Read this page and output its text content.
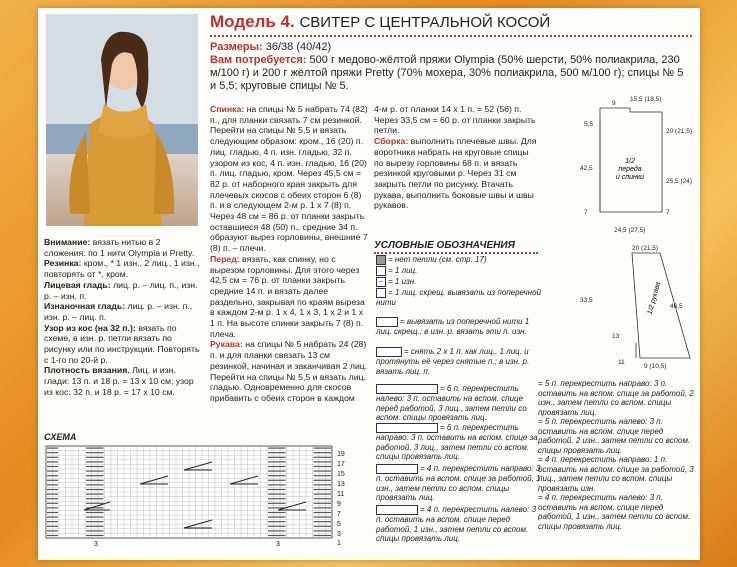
Модель 4. СВИТЕР С ЦЕНТРАЛЬНОЙ КОСОЙ
Размеры: 36/38 (40/42)
Вам потребуется: 500 г медово-жёлтой пряжи Olympia (50% шерсти, 50% полиакрила, 230 м/100 г) и 200 г жёлтой пряжи Pretty (70% мохера, 30% полиакрила, 500 м/100 г); спицы № 5 и 5,5; круговые спицы № 5.

Внимание: вязать нитью в 2 сложения: по 1 нити Olympia и Pretty.

Резинка: кром., * 1 изн., 2 лиц., 1 изн., повторять от *, кром.

Лицевая гладь: лиц. р. – лиц. п., изн. р. – изн. п.

Изнаночная гладь: лиц. р. – изн. п., изн. р. – лиц. п.

Узор из кос (на 32 п.): вязать по схеме, в изн. р. петли вязать по рисунку или по инструкции. Повторять с 1-го по 20-й р.

Плотность вязания. Лиц. и изн. глади: 13 п. и 18 р. = 13 х 10 см; узор из кос: 32 п. и 18 р. = 17 х 10 см.

Спинка: на спицы № 5 набрать 74 (82) п., для планки связать 7 см резинкой. Перейти на спицы № 5,5 и вязать следующим образом: кром., 16 (20) п. лиц. гладью, 4 п. изн. гладью, 32 п. узором из кос, 4 п. изн. гладью, 16 (20) п. лиц. гладью, кром. Через 45,5 см = 82 р. от наборного края закрыть для плечевых скосов с обеих сторон 6 (8) п. и в следующем 2-м р. 1 х 7 (8) п. Через 48 см = 86 р. от планки закрыть оставшиеся 48 (50) п., средние 34 п. образуют вырез горловины, внешние 7 (8) п. – плечи.

Перед: вязать, как спинку, но с вырезом горловины. Для этого через 42,5 см = 76 р. от планки закрыть средние 14 п. и вязать далее раздельно, закрывая по краям выреза в каждом 2-м р. 1 х 4, 1 х 3, 1 х 2 и 1 х 1 п. На высоте спинки закрыть 7 (8) п. плеча.

Рукава: на спицы № 5 набрать 24 (28) п. и для планки связать 13 см резинкой, начиная и заканчивая 2 лиц. Перейти на спицы № 5,5 и вязать лиц. гладью. Одновременно для скосов прибавить с обеих сторон в каждом

4-м р. от планки 14 х 1 п. = 52 (56) п. Через 33,5 см = 60 р. от планки закрыть петли.

Сборка: выполнить плечевые швы. Для воротника набрать на круговые спицы по вырезу горловины 68 п. и вязать резинкой круговыми р. Через 31 см закрыть петли по рисунку. Втачать рукава, выполнить боковые швы и швы рукавов.

УСЛОВНЫЕ ОБОЗНАЧЕНИЯ
= нет петли (см. стр. 17)
= 1 лиц.
– = 1 изн.
= 1 лиц. скрещ. вывязать из поперечной нити
= вывязать из поперечной нити 1 лиц. скрещ.; в изн. р. вязать эти п. изн.
= снять 2 х 1 п. как лиц., 1 лиц. и протянуть её через снятые п.; в изн. р. вязать лиц. п.
= 6 п. перекрестить налево: 3 п. оставить на вспом. спице перед работой, 3 лиц., затем петли со вспом. спицы провязать лиц.
= 6 п. перекрестить направо: 3 п. оставить на вспом. спице за работой, 3 лиц., затем петли со вспом. спицы провязать лиц.
= 4 п. перекрестить направо: 3 п. оставить на вспом. спице за работой, 1 изн., затем петли со вспом. спицы провязать лиц.
= 4 п. перекрестить налево: 3 п. оставить на вспом. спице перед работой, 1 изн., затем петли со вспом. спицы провязать лиц.
= 5 п. перекрестить направо: 3 п. оставить на вспом. спице за работой, 2 изн., затем петли со вспом. спицы провязать лиц.
= 5 п. перекрестить налево: 3 п. оставить на вспом. спице перед работой, 2 изн., затем петли со вспом. спицы провязать лиц.
= 4 п. перекрестить направо: 1 п. оставить на вспом. спице за работой, 3 лиц., затем петли со вспом. спицы провязать изн.
= 4 п. перекрестить налево: 3 п. оставить на вспом. спице перед работой, 1 изн., затем петли со вспом. спицы провязать лиц.
1/2 переда и спинки
1/2 рукава
9
15,5 (18,5)
5,5
20 (21,5)
42,5
25,5 (24)
7	7
24,5 (27,5)
20 (21,5)
46,5
33,5
13
11
9 (10,5)
СХЕМА
19
17
15
13
11
9
7
5
3
1
3	3
